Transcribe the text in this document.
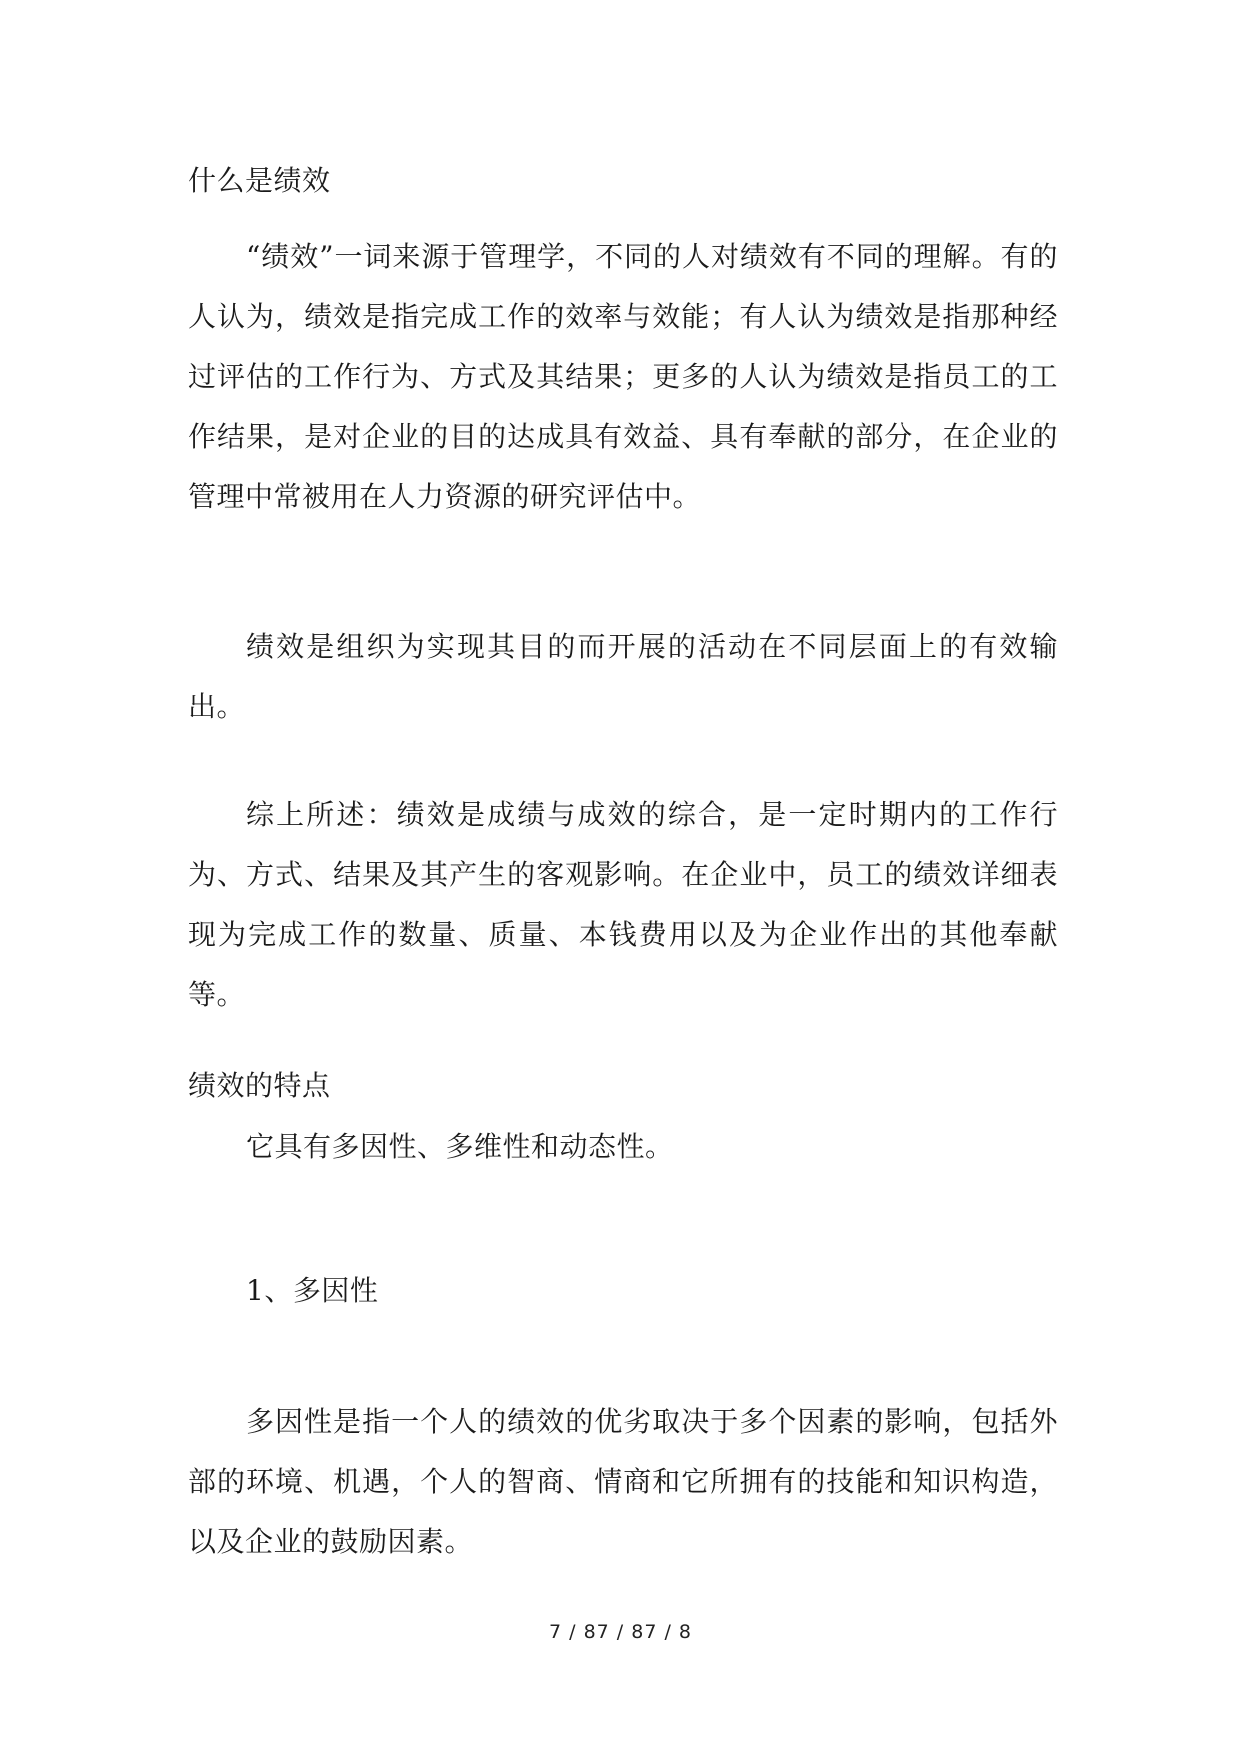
什么是绩效

“绩效”一词来源于管理学，不同的人对绩效有不同的理解。有的人认为，绩效是指完成工作的效率与效能；有人认为绩效是指那种经过评估的工作行为、方式及其结果；更多的人认为绩效是指员工的工作结果，是对企业的目的达成具有效益、具有奉献的部分，在企业的管理中常被用在人力资源的研究评估中。

绩效是组织为实现其目的而开展的活动在不同层面上的有效输出。

综上所述：绩效是成绩与成效的综合，是一定时期内的工作行为、方式、结果及其产生的客观影响。在企业中，员工的绩效详细表现为完成工作的数量、质量、本钱费用以及为企业作出的其他奉献等。

绩效的特点

它具有多因性、多维性和动态性。

1、多因性

多因性是指一个人的绩效的优劣取决于多个因素的影响，包括外部的环境、机遇，个人的智商、情商和它所拥有的技能和知识构造，以及企业的鼓励因素。

7 / 87 / 87 / 8
